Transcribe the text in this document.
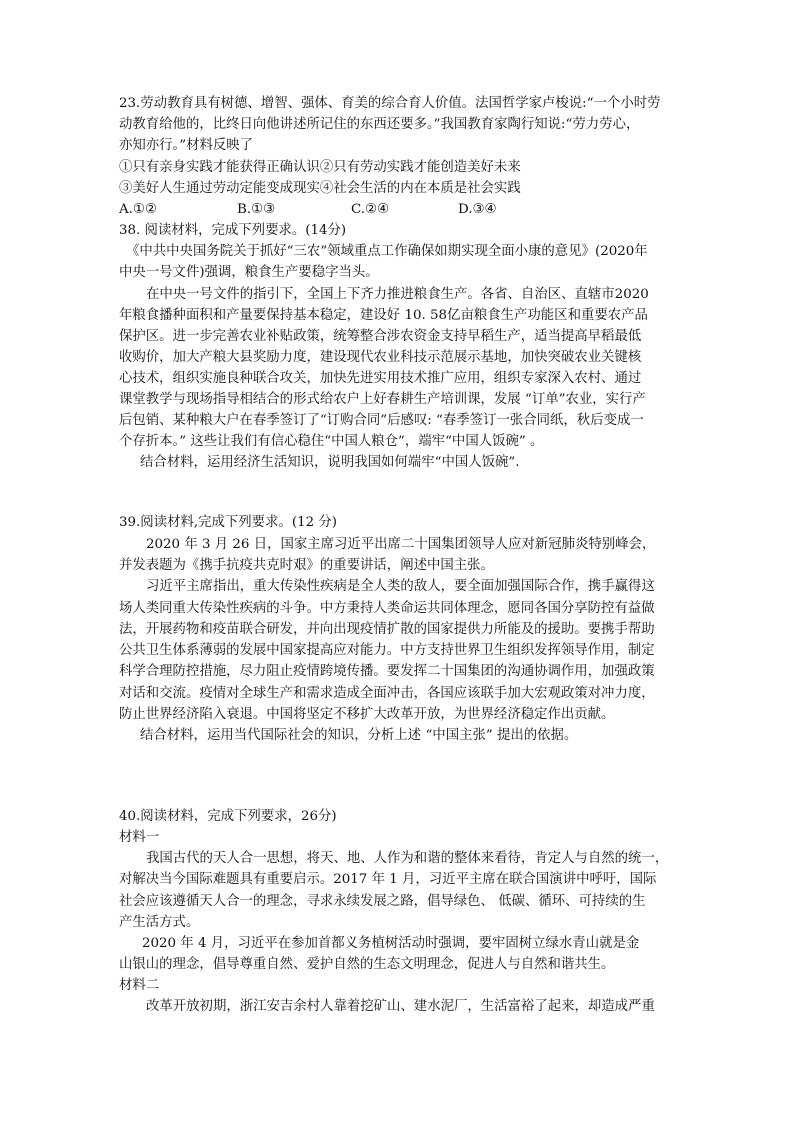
23.劳动教育具有树德、增智、强体、育美的综合育人价值。法国哲学家卢梭说:“一个小时劳
动教育给他的，比终日向他讲述所记住的东西还要多。”我国教育家陶行知说:“劳力劳心，
亦知亦行。”材料反映了
①只有亲身实践才能获得正确认识②只有劳动实践才能创造美好未来
③美好人生通过劳动定能变成现实④社会生活的内在本质是社会实践
A.①②	B.①③	C.②④	D.③④
38. 阅读材料，完成下列要求。(14分)
《中共中央国务院关于抓好“三农”领域重点工作确保如期实现全面小康的意见》(2020年
中央一号文件)强调，粮食生产要稳字当头。
在中央一号文件的指引下，全国上下齐力推进粮食生产。各省、自治区、直辖市2020
年粮食播种面积和产量要保持基本稳定，建设好 10. 58亿亩粮食生产功能区和重要农产品
保护区。进一步完善农业补贴政策，统筹整合涉农资金支持早稻生产，适当提高早稻最低
收购价，加大产粮大县奖励力度，建设现代农业科技示范展示基地，加快突破农业关键核
心技术，组织实施良种联合攻关，加快先进实用技术推广应用，组织专家深入农村、通过
课堂教学与现场指导相结合的形式给农户上好春耕生产培训课，发展 “订单”农业，实行产
后包销、某种粮大户在春季签订了“订购合同”后感叹: “春季签订一张合同纸，秋后变成一
个存折本。” 这些让我们有信心稳住“中国人粮仓”，端牢“中国人饭碗” 。
结合材料，运用经济生活知识，说明我国如何端牢“中国人饭碗”.
39.阅读材料,完成下列要求。(12 分)
2020 年 3 月 26 日，国家主席习近平出席二十国集团领导人应对新冠肺炎特别峰会，
并发表题为《携手抗疫共克时艰》的重要讲话，阐述中国主张。
习近平主席指出，重大传染性疾病是全人类的敌人，要全面加强国际合作，携手赢得这
场人类同重大传染性疾病的斗争。中方秉持人类命运共同体理念，愿同各国分享防控有益做
法，开展药物和疫苗联合研发，并向出现疫情扩散的国家提供力所能及的援助。要携手帮助
公共卫生体系薄弱的发展中国家提高应对能力。中方支持世界卫生组织发挥领导作用，制定
科学合理防控措施，尽力阻止疫情跨境传播。要发挥二十国集团的沟通协调作用，加强政策
对话和交流。疫情对全球生产和需求造成全面冲击，各国应该联手加大宏观政策对冲力度，
防止世界经济陷入衰退。中国将坚定不移扩大改革开放，为世界经济稳定作出贡献。
结合材料，运用当代国际社会的知识，分析上述 “中国主张” 提出的依据。
40.阅读材料，完成下列要求，26分)
材料一
我国古代的天人合一思想，将天、地、人作为和谐的整体来看待，肯定人与自然的统一，
对解决当今国际难题具有重要启示。2017 年 1 月，习近平主席在联合国演讲中呼吁，国际
社会应该遵循天人合一的理念，寻求永续发展之路，倡导绿色、 低碳、循环、可持续的生
产生活方式。
2020 年 4 月，习近平在参加首都义务植树活动时强调，要牢固树立绿水青山就是金
山银山的理念，倡导尊重自然、爱护自然的生态文明理念，促进人与自然和谐共生。
材料二
改革开放初期，浙江安吉余村人靠着挖矿山、建水泥厂，生活富裕了起来，却造成严重
